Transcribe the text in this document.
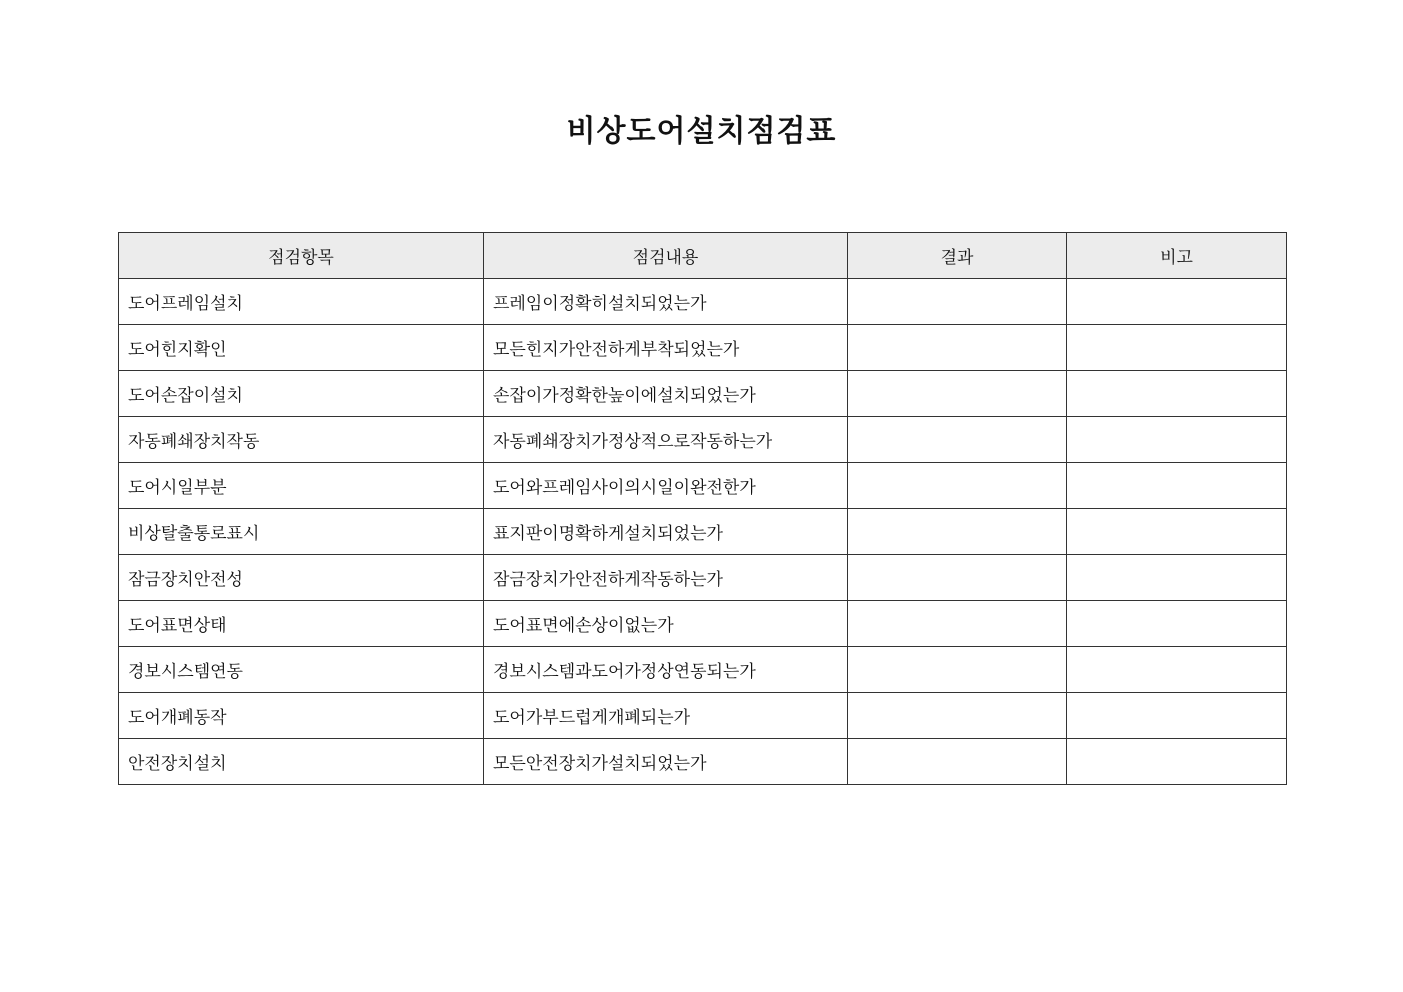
비상도어설치점검표
점검항목	점검내용	결과	비고
도어프레임설치	프레임이정확히설치되었는가		
도어힌지확인	모든힌지가안전하게부착되었는가		
도어손잡이설치	손잡이가정확한높이에설치되었는가		
자동폐쇄장치작동	자동폐쇄장치가정상적으로작동하는가		
도어시일부분	도어와프레임사이의시일이완전한가		
비상탈출통로표시	표지판이명확하게설치되었는가		
잠금장치안전성	잠금장치가안전하게작동하는가		
도어표면상태	도어표면에손상이없는가		
경보시스템연동	경보시스템과도어가정상연동되는가		
도어개폐동작	도어가부드럽게개폐되는가		
안전장치설치	모든안전장치가설치되었는가		
